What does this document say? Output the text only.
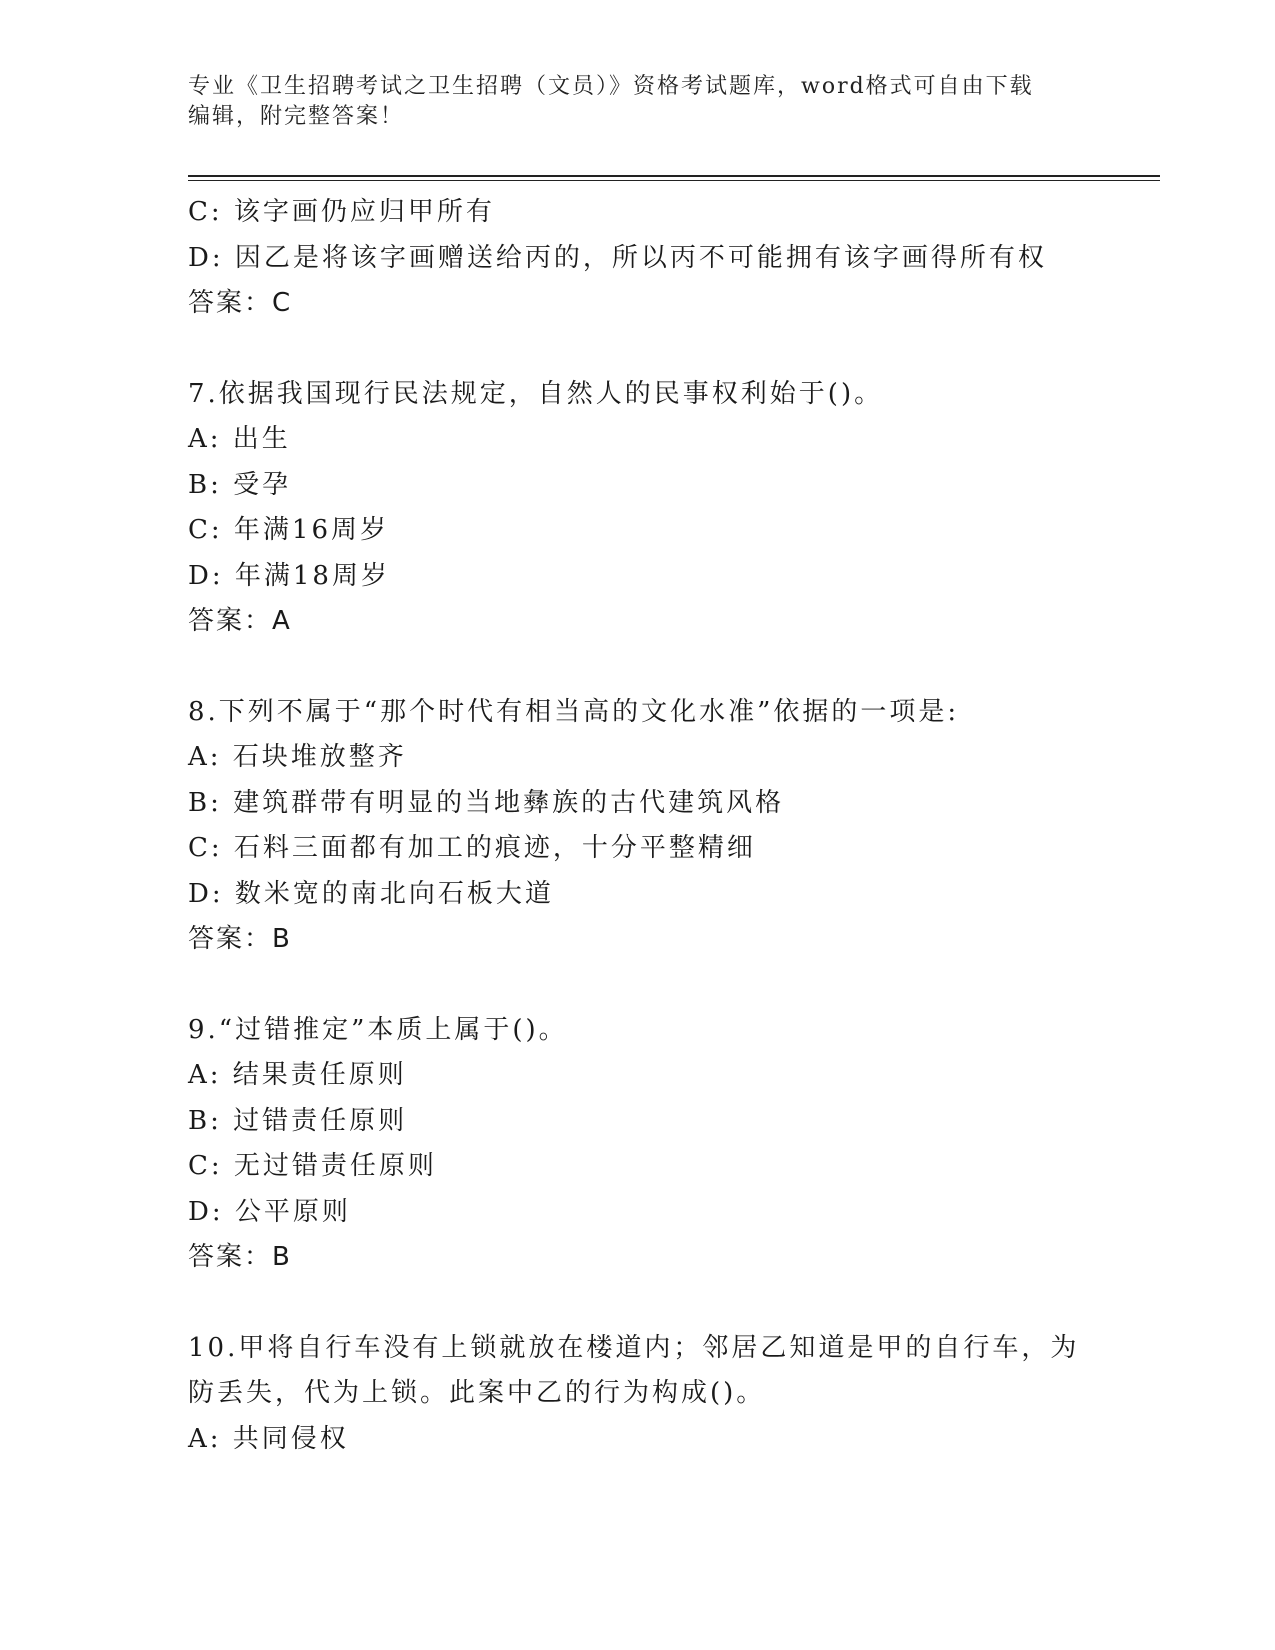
专业《卫生招聘考试之卫生招聘（文员）》资格考试题库，word格式可自由下载
编辑，附完整答案！
C: 该字画仍应归甲所有
D: 因乙是将该字画赠送给丙的，所以丙不可能拥有该字画得所有权
答案：C
7.依据我国现行民法规定，自然人的民事权利始于()。
A: 出生
B: 受孕
C: 年满16周岁
D: 年满18周岁
答案：A
8.下列不属于“那个时代有相当高的文化水准”依据的一项是:
A: 石块堆放整齐
B: 建筑群带有明显的当地彝族的古代建筑风格
C: 石料三面都有加工的痕迹，十分平整精细
D: 数米宽的南北向石板大道
答案：B
9.“过错推定”本质上属于()。
A: 结果责任原则
B: 过错责任原则
C: 无过错责任原则
D: 公平原则
答案：B
10.甲将自行车没有上锁就放在楼道内；邻居乙知道是甲的自行车，为
防丢失，代为上锁。此案中乙的行为构成()。
A: 共同侵权
